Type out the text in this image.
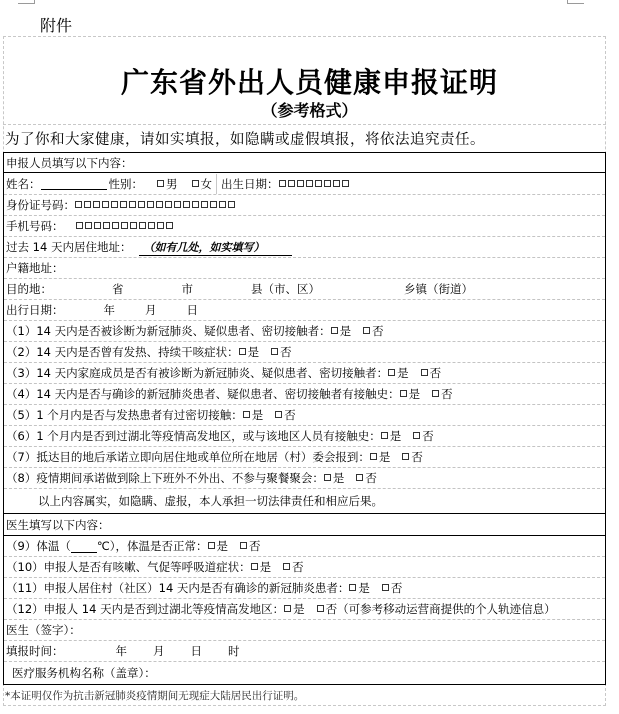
附件
广东省外出人员健康申报证明
（参考格式）
为了你和大家健康，请如实填报，如隐瞒或虚假填报，将依法追究责任。
申报人员填写以下内容：
姓名：	性别：	男	女 出生日期：
身份证号码：
手机号码：
过去 14 天内居住地址：	（如有几处，如实填写）
户籍地址：
目的地：	省	市	县（市、区）	乡镇（街道）
出行日期：	年	月	日
（1）14 天内是否被诊断为新冠肺炎、疑似患者、密切接触者： 是	否
（2）14 天内是否曾有发热、持续干咳症状： 是	否
（3）14 天内家庭成员是否有被诊断为新冠肺炎、疑似患者、密切接触者： 是	否
（4）14 天内是否与确诊的新冠肺炎患者、疑似患者、密切接触者有接触史： 是	否
（5）1 个月内是否与发热患者有过密切接触： 是	否
（6）1 个月内是否到过湖北等疫情高发地区，或与该地区人员有接触史： 是	否
（7）抵达目的地后承诺立即向居住地或单位所在地居（村）委会报到： 是	否
（8）疫情期间承诺做到除上下班外不外出、不参与聚餐聚会： 是	否
以上内容属实，如隐瞒、虚报，本人承担一切法律责任和相应后果。
医生填写以下内容：
（9）体温（ ℃），体温是否正常： 是	否
（10）申报人是否有咳嗽、气促等呼吸道症状： 是	否
（11）申报人居住村（社区）14 天内是否有确诊的新冠肺炎患者： 是	否
（12）申报人 14 天内是否到过湖北等疫情高发地区： 是	否 （可参考移动运营商提供的个人轨迹信息）
医生（签字）：
填报时间：	年 月 日 时
医疗服务机构名称（盖章）：
*本证明仅作为抗击新冠肺炎疫情期间无现症大陆居民出行证明。
